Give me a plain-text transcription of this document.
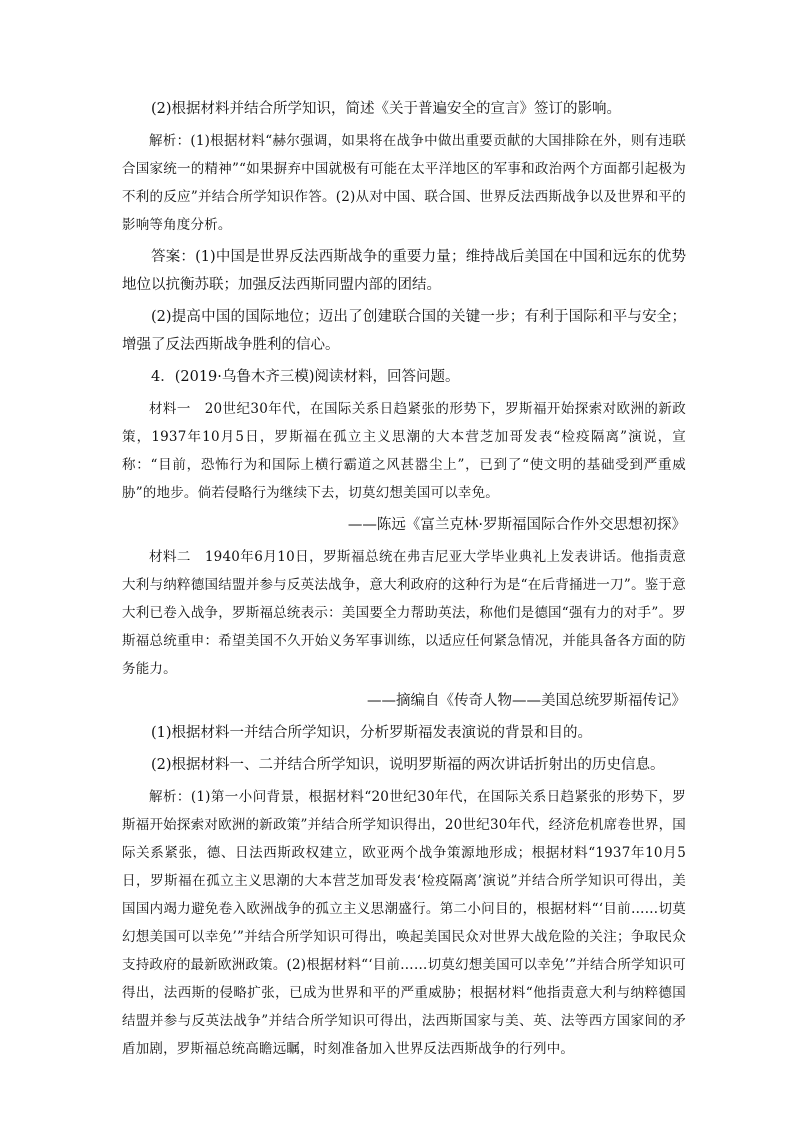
(2)根据材料并结合所学知识，简述《关于普遍安全的宣言》签订的影响。

解析：(1)根据材料“赫尔强调，如果将在战争中做出重要贡献的大国排除在外，则有违联合国家统一的精神”“如果摒弃中国就极有可能在太平洋地区的军事和政治两个方面都引起极为不利的反应”并结合所学知识作答。(2)从对中国、联合国、世界反法西斯战争以及世界和平的影响等角度分析。

答案：(1)中国是世界反法西斯战争的重要力量；维持战后美国在中国和远东的优势地位以抗衡苏联；加强反法西斯同盟内部的团结。

(2)提高中国的国际地位；迈出了创建联合国的关键一步；有利于国际和平与安全；增强了反法西斯战争胜利的信心。

4．(2019·乌鲁木齐三模)阅读材料，回答问题。

材料一　20世纪30年代，在国际关系日趋紧张的形势下，罗斯福开始探索对欧洲的新政策，1937年10月5日，罗斯福在孤立主义思潮的大本营芝加哥发表“检疫隔离”演说，宣称：“目前，恐怖行为和国际上横行霸道之风甚嚣尘上”，已到了“使文明的基础受到严重威胁”的地步。倘若侵略行为继续下去，切莫幻想美国可以幸免。

——陈远《富兰克林·罗斯福国际合作外交思想初探》

材料二　1940年6月10日，罗斯福总统在弗吉尼亚大学毕业典礼上发表讲话。他指责意大利与纳粹德国结盟并参与反英法战争，意大利政府的这种行为是“在后背捅进一刀”。鉴于意大利已卷入战争，罗斯福总统表示：美国要全力帮助英法，称他们是德国“强有力的对手”。罗斯福总统重申：希望美国不久开始义务军事训练，以适应任何紧急情况，并能具备各方面的防务能力。

——摘编自《传奇人物——美国总统罗斯福传记》

(1)根据材料一并结合所学知识，分析罗斯福发表演说的背景和目的。

(2)根据材料一、二并结合所学知识，说明罗斯福的两次讲话折射出的历史信息。

解析：(1)第一小问背景，根据材料“20世纪30年代，在国际关系日趋紧张的形势下，罗斯福开始探索对欧洲的新政策”并结合所学知识得出，20世纪30年代，经济危机席卷世界，国际关系紧张，德、日法西斯政权建立，欧亚两个战争策源地形成；根据材料“1937年10月5日，罗斯福在孤立主义思潮的大本营芝加哥发表‘检疫隔离’演说”并结合所学知识可得出，美国国内竭力避免卷入欧洲战争的孤立主义思潮盛行。第二小问目的，根据材料“‘目前……切莫幻想美国可以幸免’”并结合所学知识可得出，唤起美国民众对世界大战危险的关注；争取民众支持政府的最新欧洲政策。(2)根据材料“‘目前……切莫幻想美国可以幸免’”并结合所学知识可得出，法西斯的侵略扩张，已成为世界和平的严重威胁；根据材料“他指责意大利与纳粹德国结盟并参与反英法战争”并结合所学知识可得出，法西斯国家与美、英、法等西方国家间的矛盾加剧，罗斯福总统高瞻远瞩，时刻准备加入世界反法西斯战争的行列中。
